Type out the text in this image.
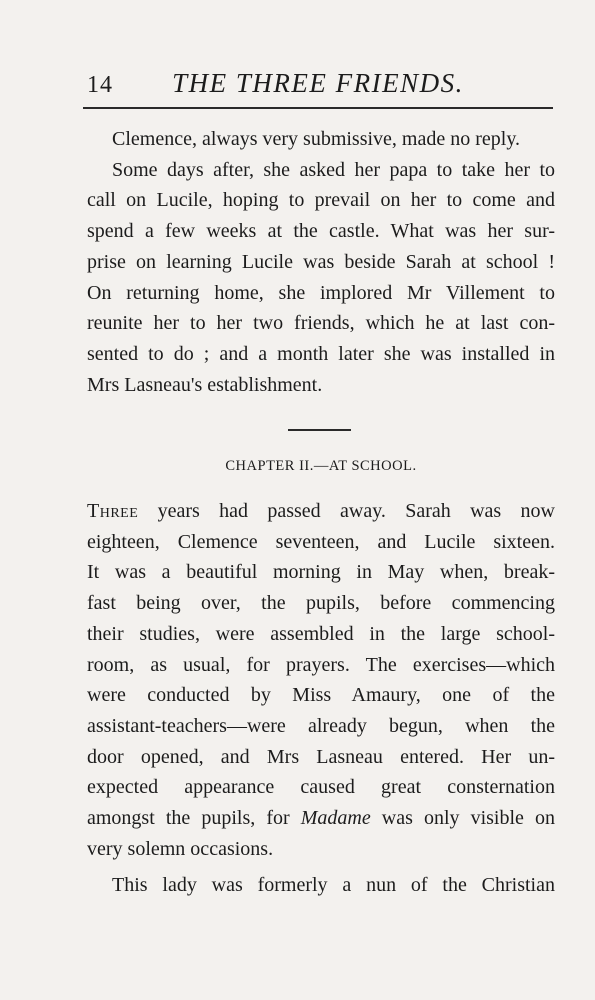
14	THE THREE FRIENDS.

Clemence, always very submissive, made no reply.

Some days after, she asked her papa to take her to
call on Lucile, hoping to prevail on her to come and
spend a few weeks at the castle. What was her sur-
prise on learning Lucile was beside Sarah at school !
On returning home, she implored Mr Villement to
reunite her to her two friends, which he at last con-
sented to do ; and a month later she was installed in
Mrs Lasneau's establishment.

CHAPTER II.—AT SCHOOL.

Three years had passed away. Sarah was now
eighteen, Clemence seventeen, and Lucile sixteen.
It was a beautiful morning in May when, break-
fast being over, the pupils, before commencing
their studies, were assembled in the large school-
room, as usual, for prayers. The exercises—which
were conducted by Miss Amaury, one of the
assistant-teachers—were already begun, when the
door opened, and Mrs Lasneau entered. Her un-
expected appearance caused great consternation
amongst the pupils, for Madame was only visible on
very solemn occasions.

This lady was formerly a nun of the Christian
